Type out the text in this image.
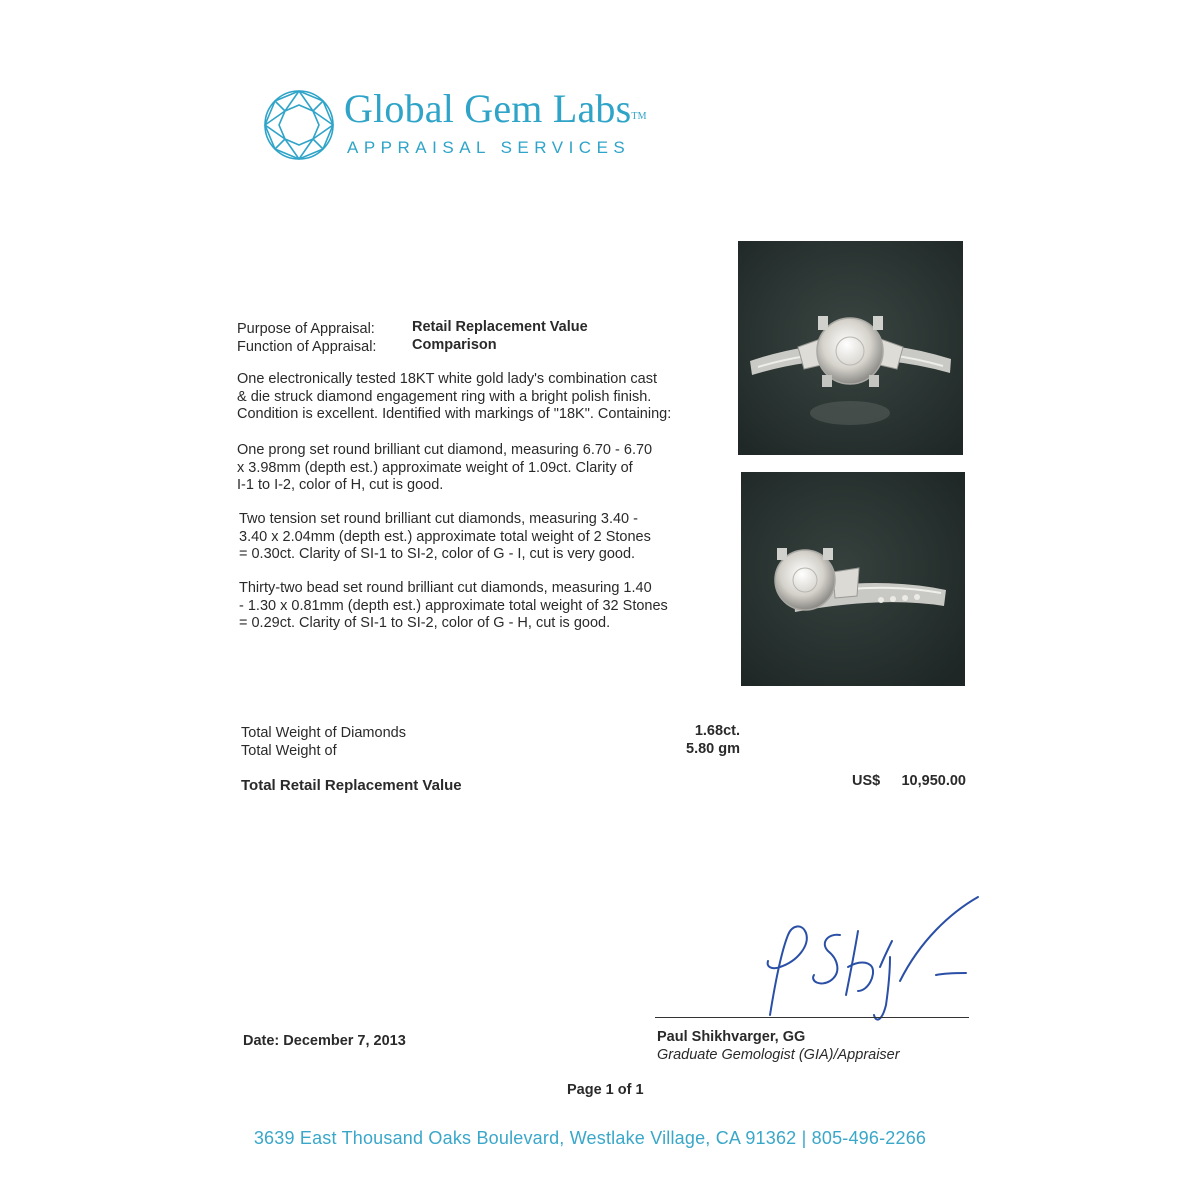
Global Gem Labs™
APPRAISAL SERVICES
Purpose of Appraisal:	Retail Replacement Value
Function of Appraisal: Comparison
One electronically tested 18KT white gold lady's combination cast
& die struck diamond engagement ring with a bright polish finish.
Condition is excellent. Identified with markings of "18K". Containing:
One prong set round brilliant cut diamond, measuring 6.70 - 6.70
x 3.98mm (depth est.) approximate weight of 1.09ct. Clarity of
I-1 to I-2, color of H, cut is good.
Two tension set round brilliant cut diamonds, measuring 3.40 -
3.40 x 2.04mm (depth est.) approximate total weight of 2 Stones
= 0.30ct. Clarity of SI-1 to SI-2, color of G - I, cut is very good.
Thirty-two bead set round brilliant cut diamonds, measuring 1.40
- 1.30 x 0.81mm (depth est.) approximate total weight of 32 Stones
= 0.29ct. Clarity of SI-1 to SI-2, color of G - H, cut is good.
Total Weight of Diamonds	1.68ct.
Total Weight of	5.80 gm
Total Retail Replacement Value	US$	10,950.00
Date: December 7, 2013	Paul Shikhvarger, GG
Graduate Gemologist (GIA)/Appraiser
Page 1 of 1
3639 East Thousand Oaks Boulevard, Westlake Village, CA 91362 | 805-496-2266
